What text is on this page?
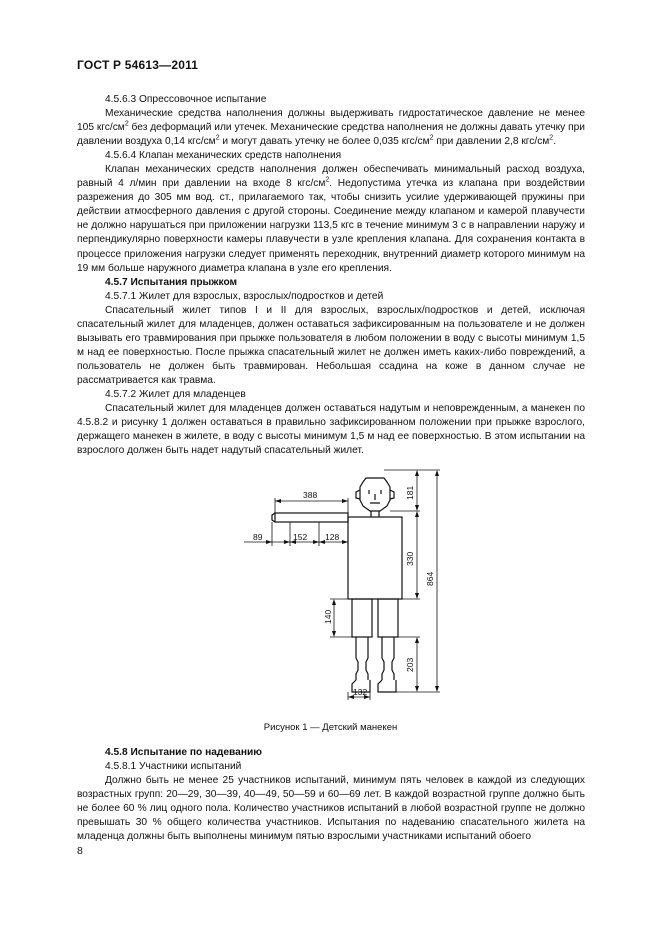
ГОСТ Р 54613—2011

4.5.6.3 Опрессовочное испытание

Механические средства наполнения должны выдерживать гидростатическое давление не менее 105 кгс/$см^2$ без деформаций или утечек. Механические средства наполнения не должны давать утечку при давлении воздуха 0,14 кгс/$см^2$ и могут давать утечку не более 0,035 кгс/$см^2$ при давлении 2,8 кгс/$см^2$.

4.5.6.4 Клапан механических средств наполнения

Клапан механических средств наполнения должен обеспечивать минимальный расход воздуха, равный 4 л/мин при давлении на входе 8 кгс/$см^2$. Недопустима утечка из клапана при воздействии разрежения до 305 мм вод. ст., прилагаемого так, чтобы снизить усилие удерживающей пружины при действии атмосферного давления с другой стороны. Соединение между клапаном и камерой плавучести не должно нарушаться при приложении нагрузки 113,5 кгс в течение минимум 3 с в направлении наружу и перпендикулярно поверхности камеры плавучести в узле крепления клапана. Для сохранения контакта в процессе приложения нагрузки следует применять переходник, внутренний диаметр которого минимум на 19 мм больше наружного диаметра клапана в узле его крепления.

4.5.7 Испытания прыжком

4.5.7.1 Жилет для взрослых, взрослых/подростков и детей

Спасательный жилет типов I и II для взрослых, взрослых/подростков и детей, исключая спасательный жилет для младенцев, должен оставаться зафиксированным на пользователе и не должен вызывать его травмирования при прыжке пользователя в любом положении в воду с высоты минимум 1,5 м над ее поверхностью. После прыжка спасательный жилет не должен иметь каких-либо повреждений, а пользователь не должен быть травмирован. Небольшая ссадина на коже в данном случае не рассматривается как травма.

4.5.7.2 Жилет для младенцев

Спасательный жилет для младенцев должен оставаться надутым и неповрежденным, а манекен по 4.5.8.2 и рисунку 1 должен оставаться в правильно зафиксированном положении при прыжке взрослого, держащего манекен в жилете, в воду с высоты минимум 1,5 м над ее поверхностью. В этом испытании на взрослого должен быть надет надутый спасательный жилет.

388
89	152 128
181
330
864
140
203
132
Рисунок 1 — Детский манекен

4.5.8 Испытание по надеванию

4.5.8.1 Участники испытаний

Должно быть не менее 25 участников испытаний, минимум пять человек в каждой из следующих возрастных групп: 20—29, 30—39, 40—49, 50—59 и 60—69 лет. В каждой возрастной группе должно быть не более 60 % лиц одного пола. Количество участников испытаний в любой возрастной группе не должно превышать 30 % общего количества участников. Испытания по надеванию спасательного жилета на младенца должны быть выполнены минимум пятью взрослыми участниками испытаний обоего

8
